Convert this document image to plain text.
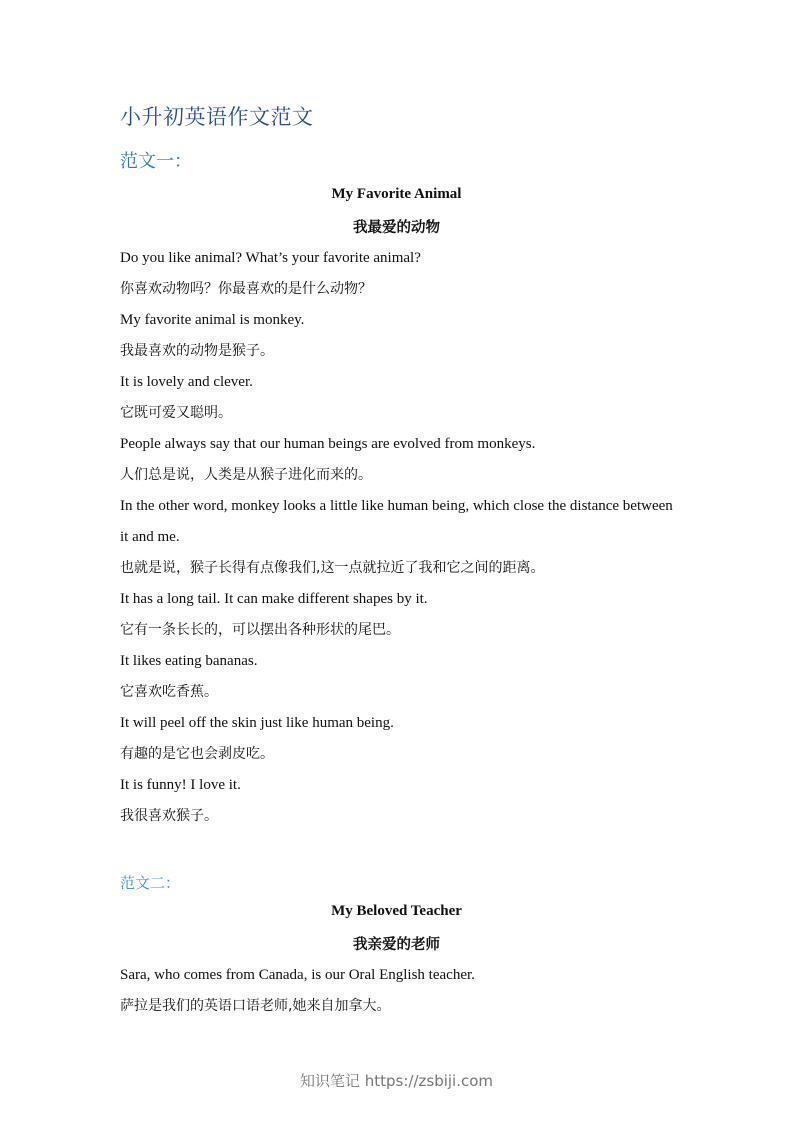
小升初英语作文范文
范文一：
My Favorite Animal
我最爱的动物
Do you like animal? What’s your favorite animal?
你喜欢动物吗？你最喜欢的是什么动物？
My favorite animal is monkey.
我最喜欢的动物是猴子。
It is lovely and clever.
它既可爱又聪明。
People always say that our human beings are evolved from monkeys.
人们总是说，人类是从猴子进化而来的。
In the other word, monkey looks a little like human being, which close the distance between it and me.
也就是说，猴子长得有点像我们,这一点就拉近了我和它之间的距离。
It has a long tail. It can make different shapes by it.
它有一条长长的，可以摆出各种形状的尾巴。
It likes eating bananas.
它喜欢吃香蕉。
It will peel off the skin just like human being.
有趣的是它也会剥皮吃。
It is funny! I love it.
我很喜欢猴子。
范文二：
My Beloved Teacher
我亲爱的老师
Sara, who comes from Canada, is our Oral English teacher.
萨拉是我们的英语口语老师,她来自加拿大。
知识笔记 https://zsbiji.com
